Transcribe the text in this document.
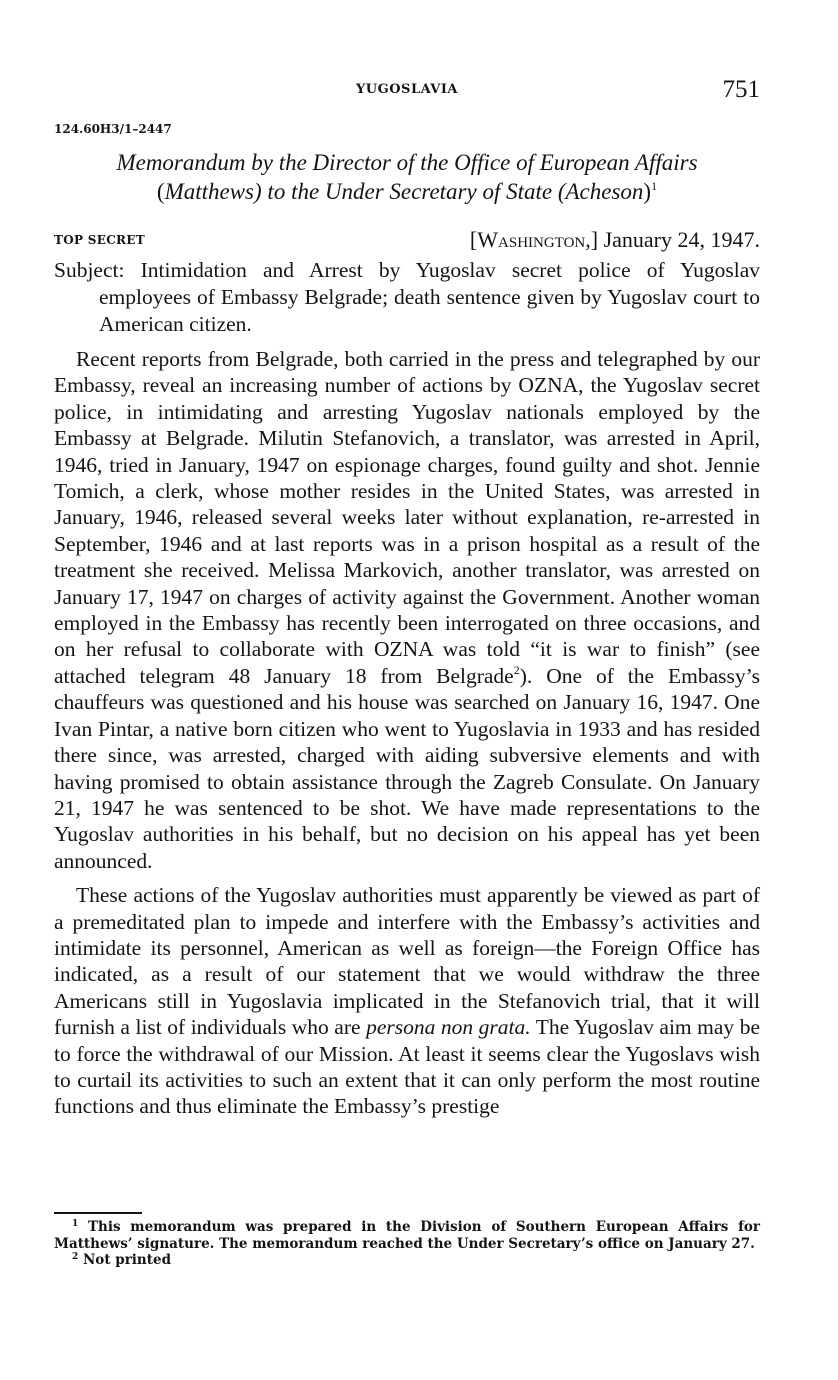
YUGOSLAVIA	751
124.60H3/1–2447
Memorandum by the Director of the Office of European Affairs
(Matthews) to the Under Secretary of State (Acheson)$^1$
TOP SECRET	[Washington,] January 24, 1947.
Subject: Intimidation and Arrest by Yugoslav secret police of Yugoslav employees of Embassy Belgrade; death sentence given by Yugoslav court to American citizen.

Recent reports from Belgrade, both carried in the press and telegraphed by our Embassy, reveal an increasing number of actions by OZNA, the Yugoslav secret police, in intimidating and arresting Yugoslav nationals employed by the Embassy at Belgrade. Milutin Stefanovich, a translator, was arrested in April, 1946, tried in January, 1947 on espionage charges, found guilty and shot. Jennie Tomich, a clerk, whose mother resides in the United States, was arrested in January, 1946, released several weeks later without explanation, re-arrested in September, 1946 and at last reports was in a prison hospital as a result of the treatment she received. Melissa Markovich, another translator, was arrested on January 17, 1947 on charges of activity against the Government. Another woman employed in the Embassy has recently been interrogated on three occasions, and on her refusal to collaborate with OZNA was told “it is war to finish” (see attached telegram 48 January 18 from Belgrade$^2$). One of the Embassy’s chauffeurs was questioned and his house was searched on January 16, 1947. One Ivan Pintar, a native born citizen who went to Yugoslavia in 1933 and has resided there since, was arrested, charged with aiding subversive elements and with having promised to obtain assistance through the Zagreb Consulate. On January 21, 1947 he was sentenced to be shot. We have made representations to the Yugoslav authorities in his behalf, but no decision on his appeal has yet been announced.

These actions of the Yugoslav authorities must apparently be viewed as part of a premeditated plan to impede and interfere with the Embassy’s activities and intimidate its personnel, American as well as foreign—the Foreign Office has indicated, as a result of our statement that we would withdraw the three Americans still in Yugoslavia implicated in the Stefanovich trial, that it will furnish a list of individuals who are persona non grata. The Yugoslav aim may be to force the withdrawal of our Mission. At least it seems clear the Yugoslavs wish to curtail its activities to such an extent that it can only perform the most routine functions and thus eliminate the Embassy’s prestige

$^1$ This memorandum was prepared in the Division of Southern European Affairs for Matthews’ signature. The memorandum reached the Under Secretary’s office on January 27.

$^2$ Not printed
